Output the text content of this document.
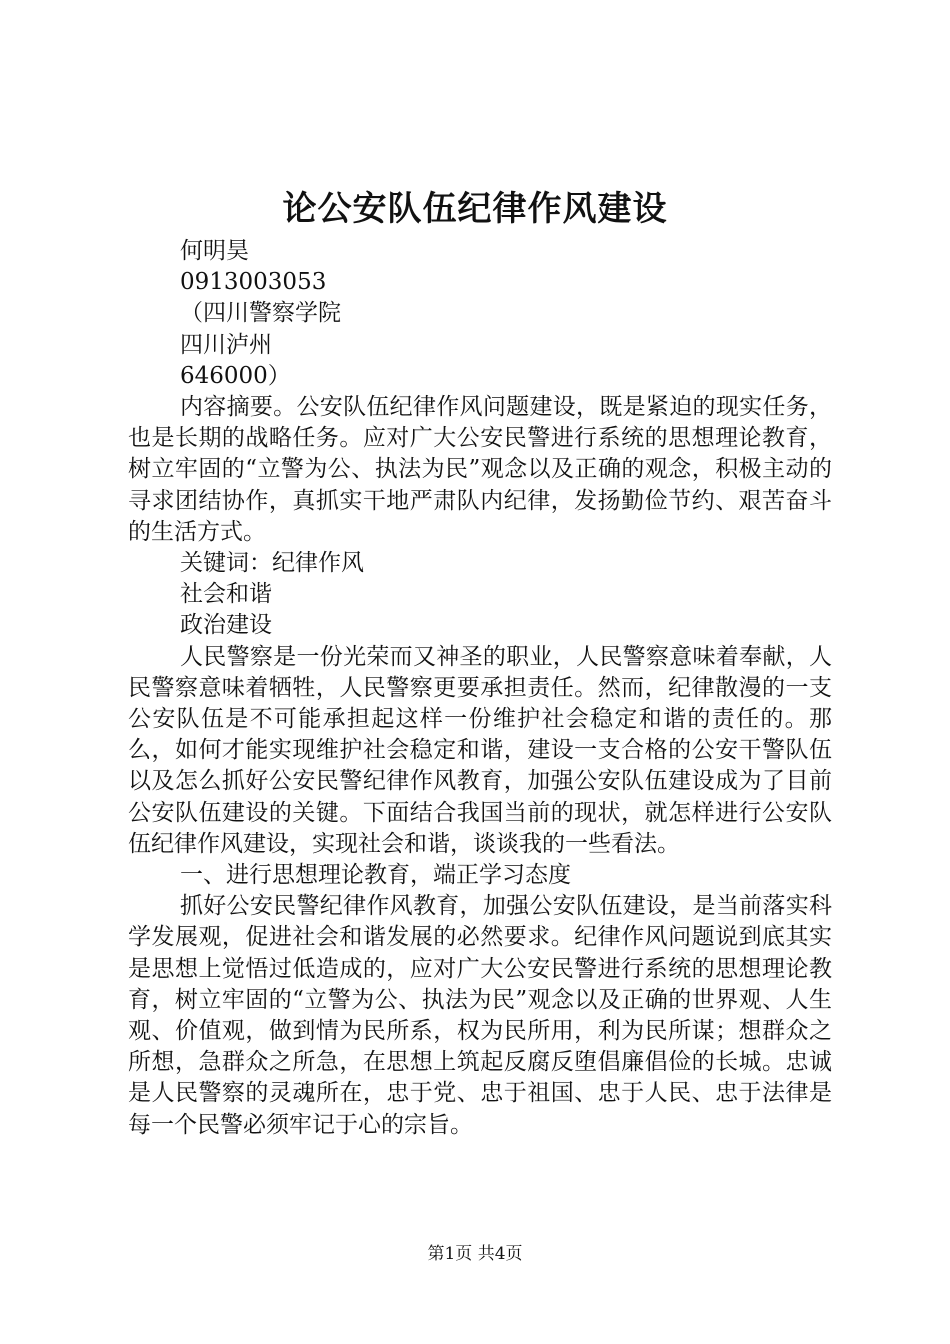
论公安队伍纪律作风建设

何明昊

0913003053

（四川警察学院

四川泸州

646000）

内容摘要。公安队伍纪律作风问题建设，既是紧迫的现实任务，也是长期的战略任务。应对广大公安民警进行系统的思想理论教育，树立牢固的“立警为公、执法为民”观念以及正确的观念，积极主动的寻求团结协作，真抓实干地严肃队内纪律，发扬勤俭节约、艰苦奋斗的生活方式。

关键词：纪律作风

社会和谐

政治建设

人民警察是一份光荣而又神圣的职业，人民警察意味着奉献，人民警察意味着牺牲，人民警察更要承担责任。然而，纪律散漫的一支公安队伍是不可能承担起这样一份维护社会稳定和谐的责任的。那么，如何才能实现维护社会稳定和谐，建设一支合格的公安干警队伍以及怎么抓好公安民警纪律作风教育，加强公安队伍建设成为了目前公安队伍建设的关键。下面结合我国当前的现状，就怎样进行公安队伍纪律作风建设，实现社会和谐，谈谈我的一些看法。

一、进行思想理论教育，端正学习态度

抓好公安民警纪律作风教育，加强公安队伍建设，是当前落实科学发展观，促进社会和谐发展的必然要求。纪律作风问题说到底其实是思想上觉悟过低造成的，应对广大公安民警进行系统的思想理论教育，树立牢固的“立警为公、执法为民”观念以及正确的世界观、人生观、价值观，做到情为民所系，权为民所用，利为民所谋；想群众之所想，急群众之所急，在思想上筑起反腐反堕倡廉倡俭的长城。忠诚是人民警察的灵魂所在，忠于党、忠于祖国、忠于人民、忠于法律是每一个民警必须牢记于心的宗旨。

第1页 共4页
